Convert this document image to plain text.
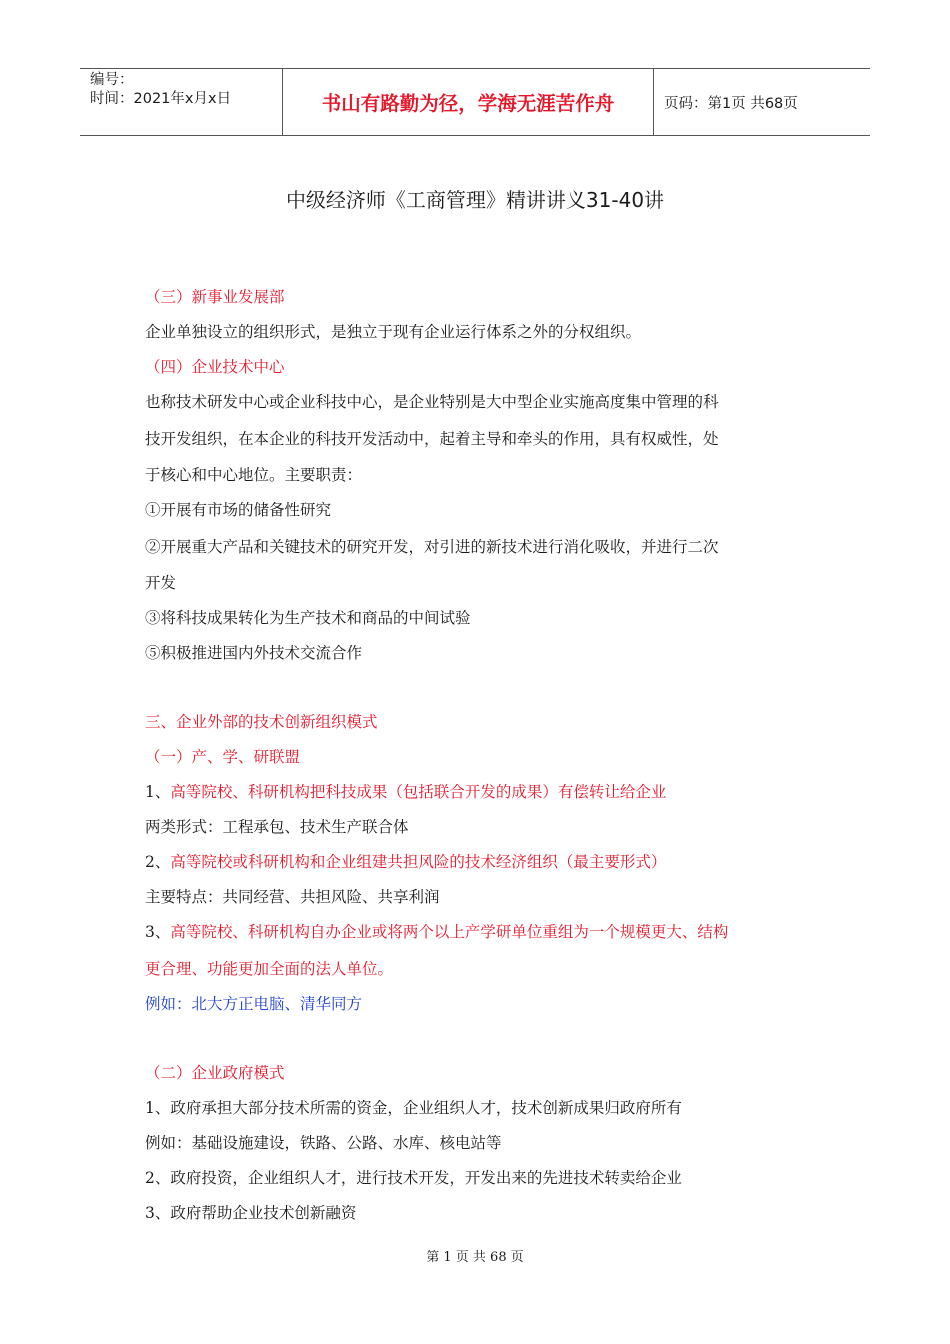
编号：
时间：2021年x月x日	书山有路勤为径，学海无涯苦作舟	页码：第1页 共68页
中级经济师《工商管理》精讲讲义31-40讲
（三）新事业发展部
企业单独设立的组织形式，是独立于现有企业运行体系之外的分权组织。
（四）企业技术中心
也称技术研发中心或企业科技中心，是企业特别是大中型企业实施高度集中管理的科
技开发组织，在本企业的科技开发活动中，起着主导和牵头的作用，具有权威性，处
于核心和中心地位。主要职责：
①开展有市场的储备性研究
②开展重大产品和关键技术的研究开发，对引进的新技术进行消化吸收，并进行二次
开发
③将科技成果转化为生产技术和商品的中间试验
⑤积极推进国内外技术交流合作
三、企业外部的技术创新组织模式
（一）产、学、研联盟
1、高等院校、科研机构把科技成果（包括联合开发的成果）有偿转让给企业
两类形式：工程承包、技术生产联合体
2、高等院校或科研机构和企业组建共担风险的技术经济组织（最主要形式）
主要特点：共同经营、共担风险、共享利润
3、高等院校、科研机构自办企业或将两个以上产学研单位重组为一个规模更大、结构
更合理、功能更加全面的法人单位。
例如：北大方正电脑、清华同方
（二）企业政府模式
1、政府承担大部分技术所需的资金，企业组织人才，技术创新成果归政府所有
例如：基础设施建设，铁路、公路、水库、核电站等
2、政府投资，企业组织人才，进行技术开发，开发出来的先进技术转卖给企业
3、政府帮助企业技术创新融资
第 1 页 共 68 页
